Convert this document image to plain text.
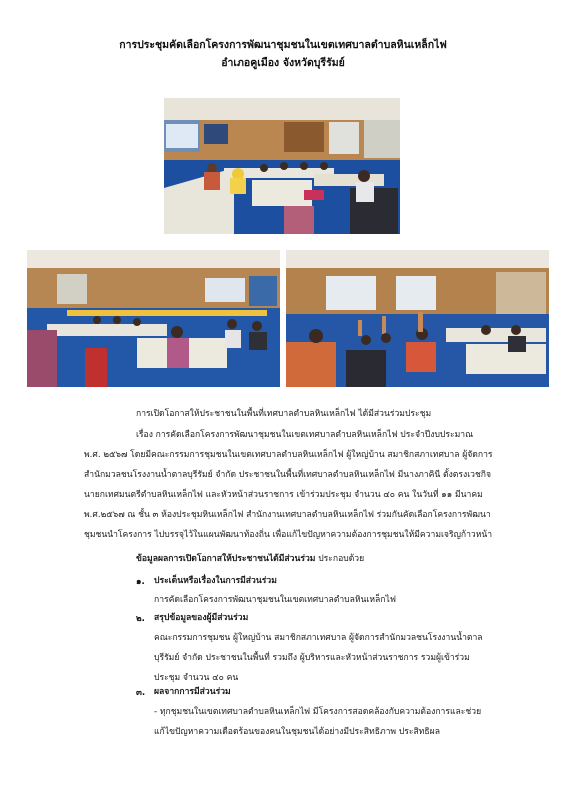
การประชุมคัดเลือกโครงการพัฒนาชุมชนในเขตเทศบาลตำบลหินเหล็กไฟ
อำเภอคูเมือง จังหวัดบุรีรัมย์
การเปิดโอกาสให้ประชาชนในพื้นที่เทศบาลตำบลหินเหล็กไฟ ได้มีส่วนร่วมประชุม
เรื่อง การคัดเลือกโครงการพัฒนาชุมชนในเขตเทศบาลตำบลหินเหล็กไฟ ประจำปีงบประมาณ
พ.ศ. ๒๕๖๗ โดยมีคณะกรรมการชุมชนในเขตเทศบาลตำบลหินเหล็กไฟ ผู้ใหญ่บ้าน สมาชิกสภาเทศบาล ผู้จัดการ
สำนักมวลชนโรงงานน้ำตาลบุรีรัมย์ จำกัด ประชาชนในพื้นที่เทศบาลตำบลหินเหล็กไฟ มีนางภาคินี ตั้งตรงเวชกิจ
นายกเทศมนตรีตำบลหินเหล็กไฟ และหัวหน้าส่วนราชการ เข้าร่วมประชุม จำนวน ๔๐ คน ในวันที่ ๑๑ มีนาคม
พ.ศ.๒๕๖๗ ณ ชั้น ๓ ห้องประชุมหินเหล็กไฟ สำนักงานเทศบาลตำบลหินเหล็กไฟ ร่วมกันคัดเลือกโครงการพัฒนา
ชุมชนนำโครงการ ไปบรรจุไว้ในแผนพัฒนาท้องถิ่น เพื่อแก้ไขปัญหาความต้องการชุมชนให้มีความเจริญก้าวหน้า
ข้อมูลผลการเปิดโอกาสให้ประชาชนได้มีส่วนร่วม ประกอบด้วย
๑. ประเด็นหรือเรื่องในการมีส่วนร่วม
การคัดเลือกโครงการพัฒนาชุมชนในเขตเทศบาลตำบลหินเหล็กไฟ
๒. สรุปข้อมูลของผู้มีส่วนร่วม
คณะกรรมการชุมชน ผู้ใหญ่บ้าน สมาชิกสภาเทศบาล ผู้จัดการสำนักมวลชนโรงงานน้ำตาล
บุรีรัมย์ จำกัด ประชาชนในพื้นที่ รวมถึง ผู้บริหารและหัวหน้าส่วนราชการ รวมผู้เข้าร่วม
ประชุม จำนวน ๔๐ คน
๓. ผลจากการมีส่วนร่วม
- ทุกชุมชนในเขตเทศบาลตำบลหินเหล็กไฟ มีโครงการสอดคล้องกับความต้องการและช่วย
แก้ไขปัญหาความเดือดร้อนของคนในชุมชนได้อย่างมีประสิทธิภาพ ประสิทธิผล
